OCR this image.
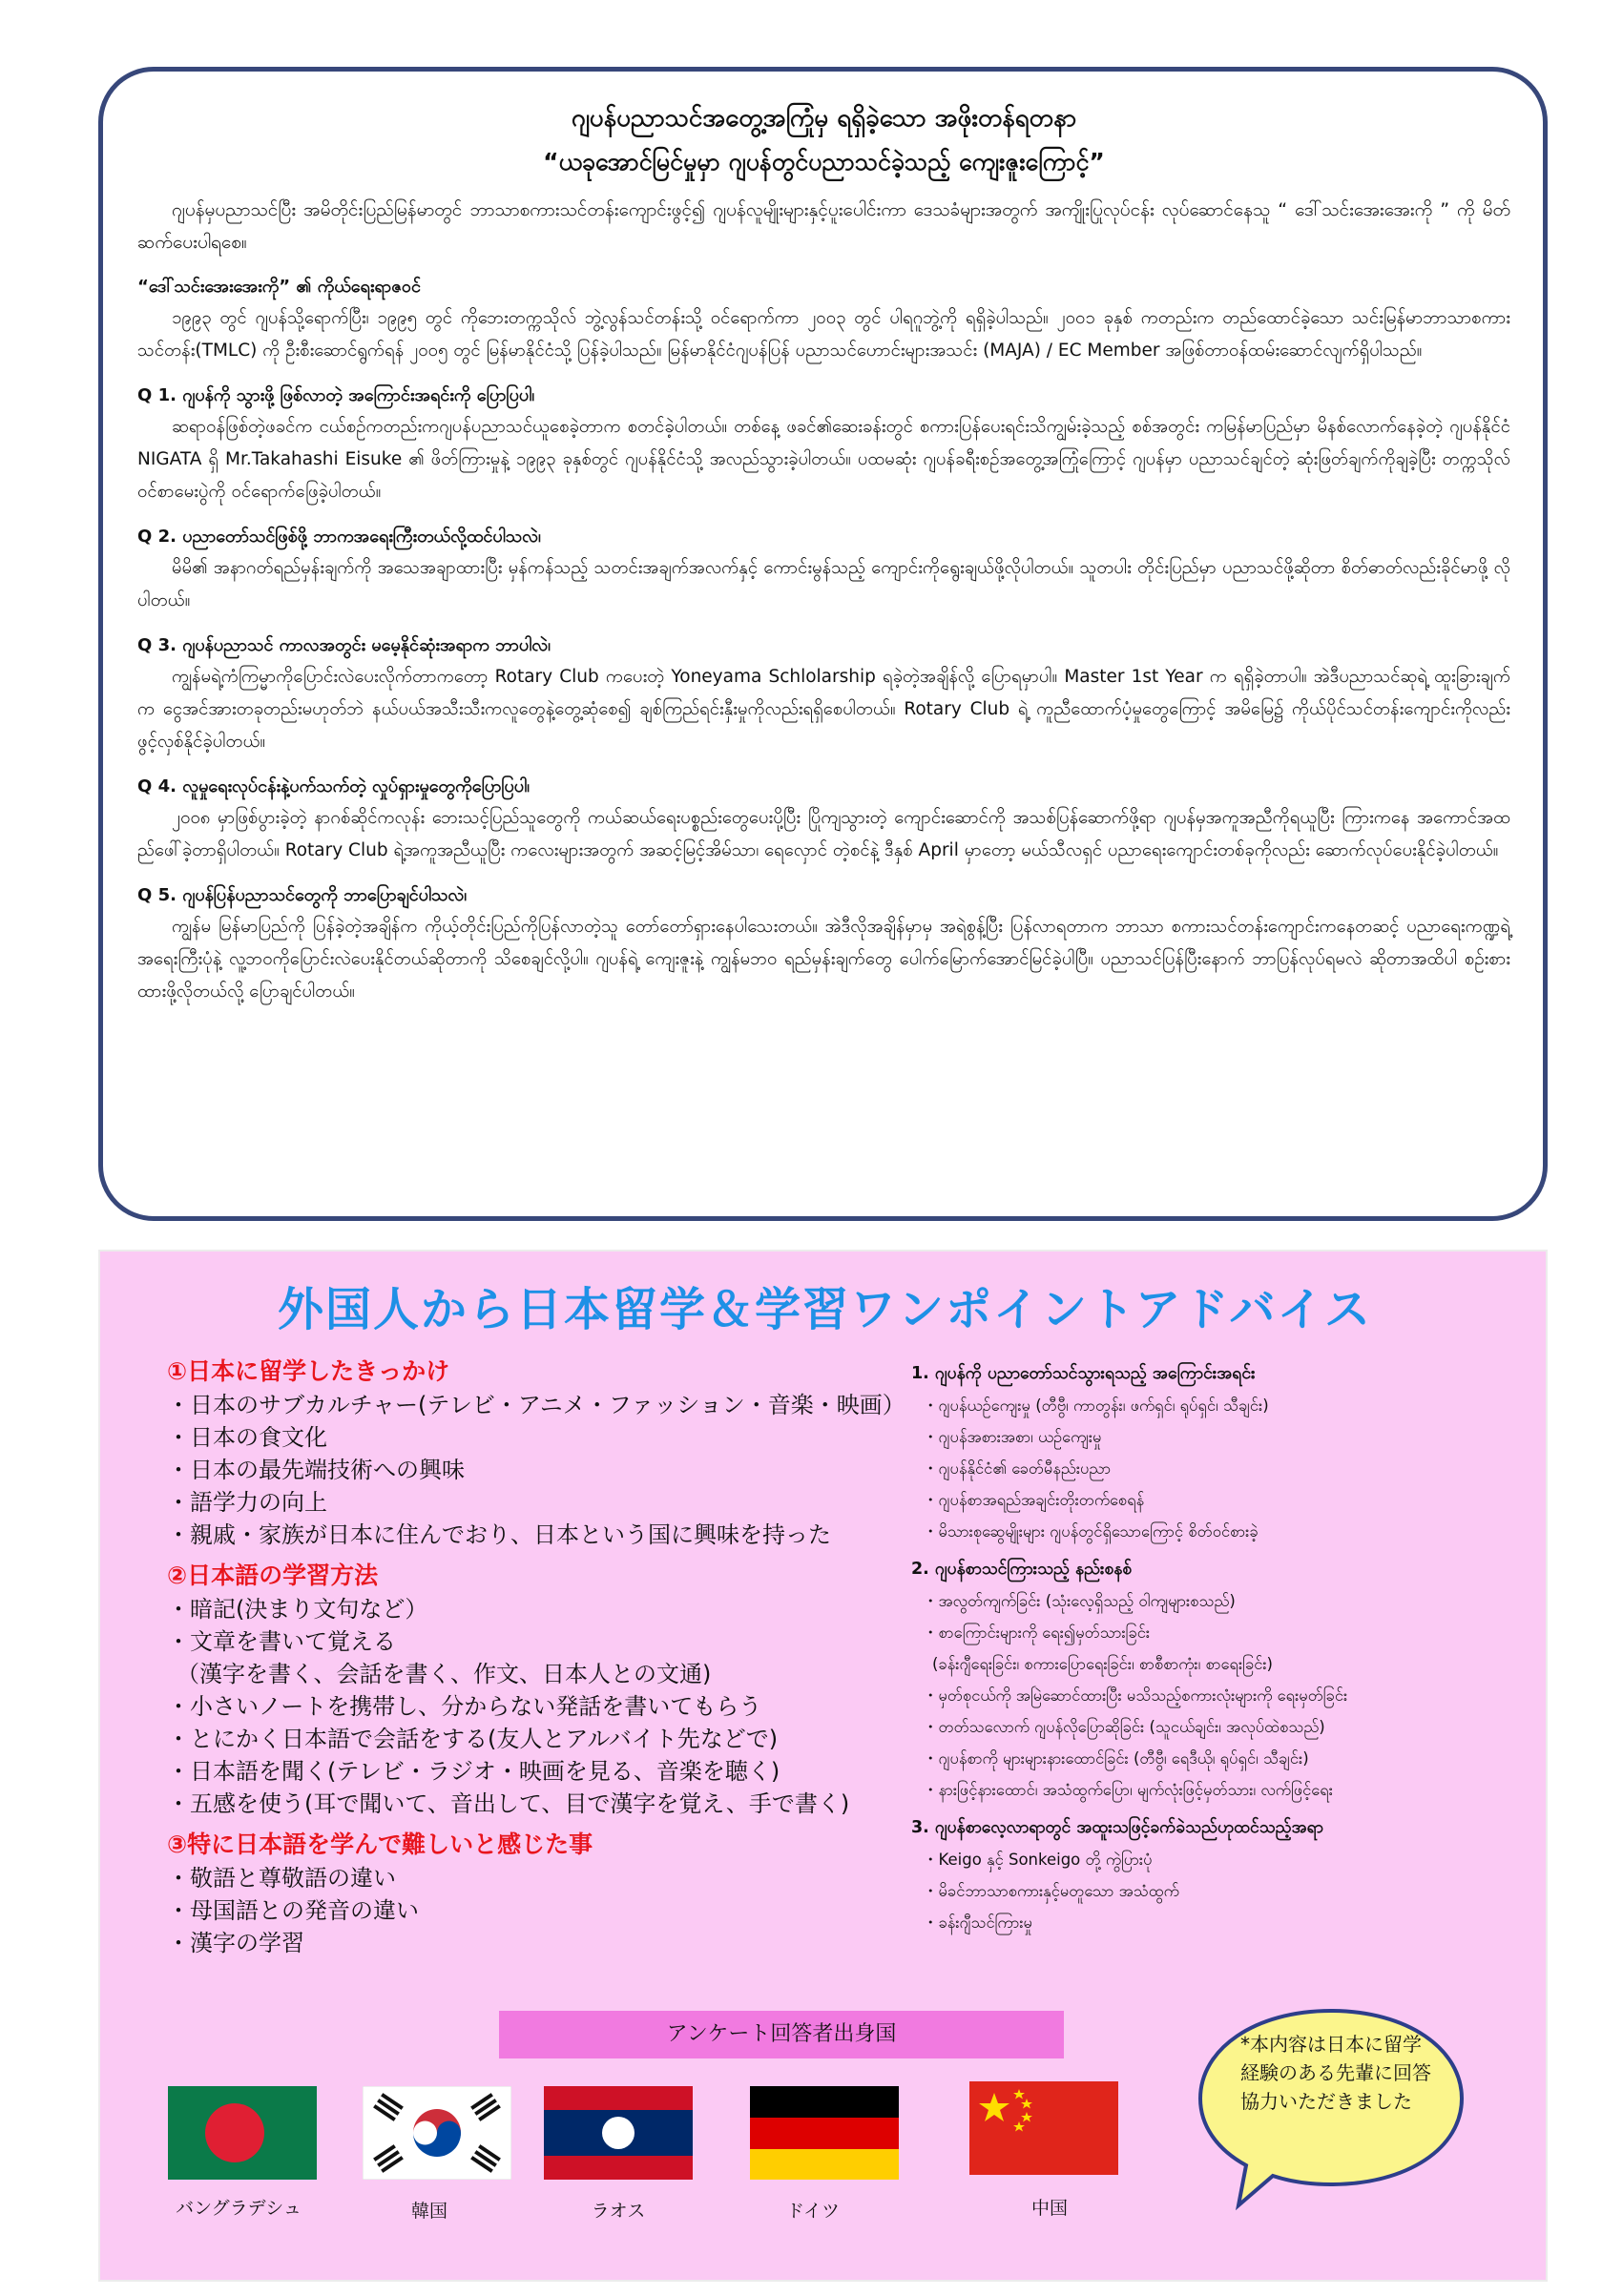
ဂျပန်ပညာသင်အတွေ့အကြုံမှ ရရှိခဲ့သော အဖိုးတန်ရတနာ
“ယခုအောင်မြင်မှုမှာ ဂျပန်တွင်ပညာသင်ခဲ့သည့် ကျေးဇူးကြောင့်”

ဂျပန်မှပညာသင်ပြီး အမိတိုင်းပြည်မြန်မာတွင် ဘာသာစကားသင်တန်းကျောင်းဖွင့်၍ ဂျပန်လူမျိုးများနှင့်ပူးပေါင်းကာ ဒေသခံများအတွက် အကျိုးပြုလုပ်ငန်း လုပ်ဆောင်နေသူ “ ဒေါ်သင်းအေးအေးကို ” ကို မိတ်ဆက်ပေးပါရစေ။

“ဒေါ်သင်းအေးအေးကို” ၏ ကိုယ်ရေးရာဇဝင်

၁၉၉၃ တွင် ဂျပန်သို့ရောက်ပြီး၊ ၁၉၉၅ တွင် ကိုဘေးတက္ကသိုလ် ဘွဲ့လွန်သင်တန်းသို့ ဝင်ရောက်ကာ ၂၀၀၃ တွင် ပါရဂူဘွဲ့ကို ရရှိခဲ့ပါသည်။ ၂၀၀၁ ခုနှစ် ကတည်းက တည်ထောင်ခဲ့သော သင်းမြန်မာဘာသာစကားသင်တန်း(TMLC) ကို ဦးစီးဆောင်ရွက်ရန် ၂၀၀၅ တွင် မြန်မာနိုင်ငံသို့ ပြန်ခဲ့ပါသည်။ မြန်မာနိုင်ငံဂျပန်ပြန် ပညာသင်ဟောင်းများအသင်း (MAJA) / EC Member အဖြစ်တာဝန်ထမ်းဆောင်လျက်ရှိပါသည်။

Q 1. ဂျပန်ကို သွားဖို့ ဖြစ်လာတဲ့ အကြောင်းအရင်းကို ပြောပြပါ၊

ဆရာဝန်ဖြစ်တဲ့ဖခင်က ငယ်စဉ်ကတည်းကဂျပန်ပညာသင်ယူစေခဲ့တာက စတင်ခဲ့ပါတယ်။ တစ်နေ့ ဖခင်၏ဆေးခန်းတွင် စကားပြန်ပေးရင်းသိကျွမ်းခဲ့သည့် စစ်အတွင်း ကမြန်မာပြည်မှာ မိနစ်လောက်နေခဲ့တဲ့ ဂျပန်နိုင်ငံ NIGATA ရှိ Mr.Takahashi Eisuke ၏ ဖိတ်ကြားမှုနဲ့ ၁၉၉၃ ခုနှစ်တွင် ဂျပန်နိုင်ငံသို့ အလည်သွားခဲ့ပါတယ်။ ပထမဆုံး ဂျပန်ခရီးစဉ်အတွေ့အကြုံကြောင့် ဂျပန်မှာ ပညာသင်ချင်တဲ့ ဆုံးဖြတ်ချက်ကိုချခဲ့ပြီး တက္ကသိုလ်ဝင်စာမေးပွဲကို ဝင်ရောက်ဖြေခဲ့ပါတယ်။

Q 2. ပညာတော်သင်ဖြစ်ဖို့ ဘာကအရေးကြီးတယ်လို့ထင်ပါသလဲ၊

မိမိ၏ အနာဂတ်ရည်မှန်းချက်ကို အသေအချာထားပြီး မှန်ကန်သည့် သတင်းအချက်အလက်နှင့် ကောင်းမွန်သည့် ကျောင်းကိုရွေးချယ်ဖို့လိုပါတယ်။ သူတပါး တိုင်းပြည်မှာ ပညာသင်ဖို့ဆိုတာ စိတ်ဓာတ်လည်းခိုင်မာဖို့ လိုပါတယ်။

Q 3. ဂျပန်ပညာသင် ကာလအတွင်း မမေ့နိုင်ဆုံးအရာက ဘာပါလဲ၊

ကျွန်မရဲ့ကံကြမ္မာကိုပြောင်းလဲပေးလိုက်တာကတော့ Rotary Club ကပေးတဲ့ Yoneyama Schlolarship ရခဲ့တဲ့အချိန်လို့ ပြောရမှာပါ။ Master 1st Year က ရရှိခဲ့တာပါ။ အဲဒီပညာသင်ဆုရဲ့ ထူးခြားချက်က ငွေအင်အားတခုတည်းမဟုတ်ဘဲ နယ်ပယ်အသီးသီးကလူတွေနဲ့တွေ့ဆုံစေ၍ ချစ်ကြည်ရင်းနှီးမှုကိုလည်းရရှိစေပါတယ်။ Rotary Club ရဲ့ ကူညီထောက်ပံ့မှုတွေကြောင့် အမိမြေ၌ ကိုယ်ပိုင်သင်တန်းကျောင်းကိုလည်း ဖွင့်လှစ်နိုင်ခဲ့ပါတယ်။

Q 4. လူမှုရေးလုပ်ငန်းနဲ့ပက်သက်တဲ့ လှုပ်ရှားမှုတွေကိုပြောပြပါ၊

၂၀၀၈ မှာဖြစ်ပွားခဲ့တဲ့ နာဂစ်ဆိုင်ကလုန်း ဘေးသင့်ပြည်သူတွေကို ကယ်ဆယ်ရေးပစ္စည်းတွေပေးပို့ပြီး ပြိုကျသွားတဲ့ ကျောင်းဆောင်ကို အသစ်ပြန်ဆောက်ဖို့ရာ ဂျပန်မှအကူအညီကိုရယူပြီး ကြားကနေ အကောင်အထည်ဖေါ်ခဲ့တာရှိပါတယ်။ Rotary Club ရဲ့အကူအညီယူပြီး ကလေးများအတွက် အဆင့်မြင့်အိမ်သာ၊ ရေလှောင် တဲ့စင်နဲ့ ဒီနှစ် April မှာတော့ မယ်သီလရှင် ပညာရေးကျောင်းတစ်ခုကိုလည်း ဆောက်လုပ်ပေးနိုင်ခဲ့ပါတယ်။

Q 5. ဂျပန်ပြန်ပညာသင်တွေကို ဘာပြောချင်ပါသလဲ၊

ကျွန်မ မြန်မာပြည်ကို ပြန်ခဲ့တဲ့အချိန်က ကိုယ့်တိုင်းပြည်ကိုပြန်လာတဲ့သူ တော်တော်ရှားနေပါသေးတယ်။ အဲဒီလိုအချိန်မှာမှ အရဲစွန့်ပြီး ပြန်လာရတာက ဘာသာ စကားသင်တန်းကျောင်းကနေတဆင့် ပညာရေးကဏ္ဍရဲ့ အရေးကြီးပုံနဲ့ လူ့ဘဝကိုပြောင်းလဲပေးနိုင်တယ်ဆိုတာကို သိစေချင်လို့ပါ။ ဂျပန်ရဲ့ ကျေးဇူးနဲ့ ကျွန်မဘဝ ရည်မှန်းချက်တွေ ပေါက်မြောက်အောင်မြင်ခဲ့ပါပြီ။ ပညာသင်ပြန်ပြီးနောက် ဘာပြန်လုပ်ရမလဲ ဆိုတာအထိပါ စဉ်းစားထားဖို့လိုတယ်လို့ ပြောချင်ပါတယ်။

外国人から日本留学＆学習ワンポイントアドバイス
①日本に留学したきっかけ
・日本のサブカルチャー(テレビ・アニメ・ファッション・音楽・映画）
・日本の食文化
・日本の最先端技術への興味
・語学力の向上
・親戚・家族が日本に住んでおり、日本という国に興味を持った
②日本語の学習方法
・暗記(決まり文句など）
・文章を書いて覚える
（漢字を書く、会話を書く、作文、日本人との文通)
・小さいノートを携帯し、分からない発話を書いてもらう
・とにかく日本語で会話をする(友人とアルバイト先などで)
・日本語を聞く(テレビ・ラジオ・映画を見る、音楽を聴く)
・五感を使う(耳で聞いて、音出して、目で漢字を覚え、手で書く)
③特に日本語を学んで難しいと感じた事
・敬語と尊敬語の違い
・母国語との発音の違い
・漢字の学習
1. ဂျပန်ကို ပညာတော်သင်သွားရသည့် အကြောင်းအရင်း
・ဂျပန်ယဉ်ကျေးမှု (တီဗွီ၊ ကာတွန်း၊ ဖက်ရှင်၊ ရုပ်ရှင်၊ သီချင်း)
・ဂျပန်အစားအစာ၊ ယဉ်ကျေးမှု
・ဂျပန်နိုင်ငံ၏ ခေတ်မီနည်းပညာ
・ဂျပန်စာအရည်အချင်းတိုးတက်စေရန်
・မိသားစုဆွေမျိုးများ ဂျပန်တွင်ရှိသောကြောင့် စိတ်ဝင်စားခဲ့
2. ဂျပန်စာသင်ကြားသည့် နည်းစနစ်
・အလွတ်ကျက်ခြင်း (သုံးလေ့ရှိသည့် ဝါကျများစသည်)
・စာကြောင်းများကို ရေး၍မှတ်သားခြင်း
(ခန်းဂျီရေးခြင်း၊ စကားပြောရေးခြင်း၊ စာစီစာကုံး၊ စာရေးခြင်း)
・မှတ်စုငယ်ကို အမြဲဆောင်ထားပြီး မသိသည့်စကားလုံးများကို ရေးမှတ်ခြင်း
・တတ်သလောက် ဂျပန်လိုပြောဆိုခြင်း (သူငယ်ချင်း၊ အလုပ်ထဲစသည်)
・ဂျပန်စာကို များများနားထောင်ခြင်း (တီဗွီ၊ ရေဒီယို၊ ရုပ်ရှင်၊ သီချင်း)
・နားဖြင့်နားထောင်၊ အသံထွက်ပြော၊ မျက်လုံးဖြင့်မှတ်သား၊ လက်ဖြင့်ရေး
3. ဂျပန်စာလေ့လာရာတွင် အထူးသဖြင့်ခက်ခဲသည်ဟုထင်သည့်အရာ
・Keigo နှင့် Sonkeigo တို့ ကွဲပြားပုံ
・မိခင်ဘာသာစကားနှင့်မတူသော အသံထွက်
・ခန်းဂျီသင်ကြားမှု
アンケート回答者出身国
バングラデシュ	韓国	ラオス	ドイツ	中国
*本内容は日本に留学経験のある先輩に回答協力いただきました
